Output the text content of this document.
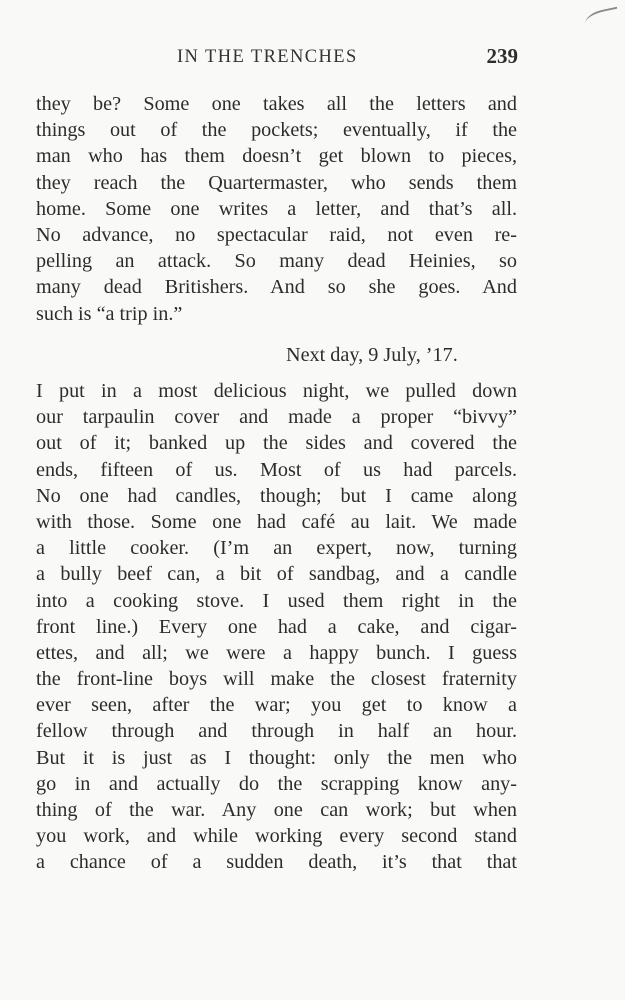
IN THE TRENCHES	239
they be? Some one takes all the letters and
things out of the pockets; eventually, if the
man who has them doesn’t get blown to pieces,
they reach the Quartermaster, who sends them
home. Some one writes a letter, and that’s all.
No advance, no spectacular raid, not even re-
pelling an attack. So many dead Heinies, so
many dead Britishers. And so she goes. And
such is “a trip in.”
Next day, 9 July, ’17.
I put in a most delicious night, we pulled down
our tarpaulin cover and made a proper “bivvy”
out of it; banked up the sides and covered the
ends, fifteen of us. Most of us had parcels.
No one had candles, though; but I came along
with those. Some one had café au lait. We made
a little cooker. (I’m an expert, now, turning
a bully beef can, a bit of sandbag, and a candle
into a cooking stove. I used them right in the
front line.) Every one had a cake, and cigar-
ettes, and all; we were a happy bunch. I guess
the front-line boys will make the closest fraternity
ever seen, after the war; you get to know a
fellow through and through in half an hour.
But it is just as I thought: only the men who
go in and actually do the scrapping know any-
thing of the war. Any one can work; but when
you work, and while working every second stand
a chance of a sudden death, it’s that that
